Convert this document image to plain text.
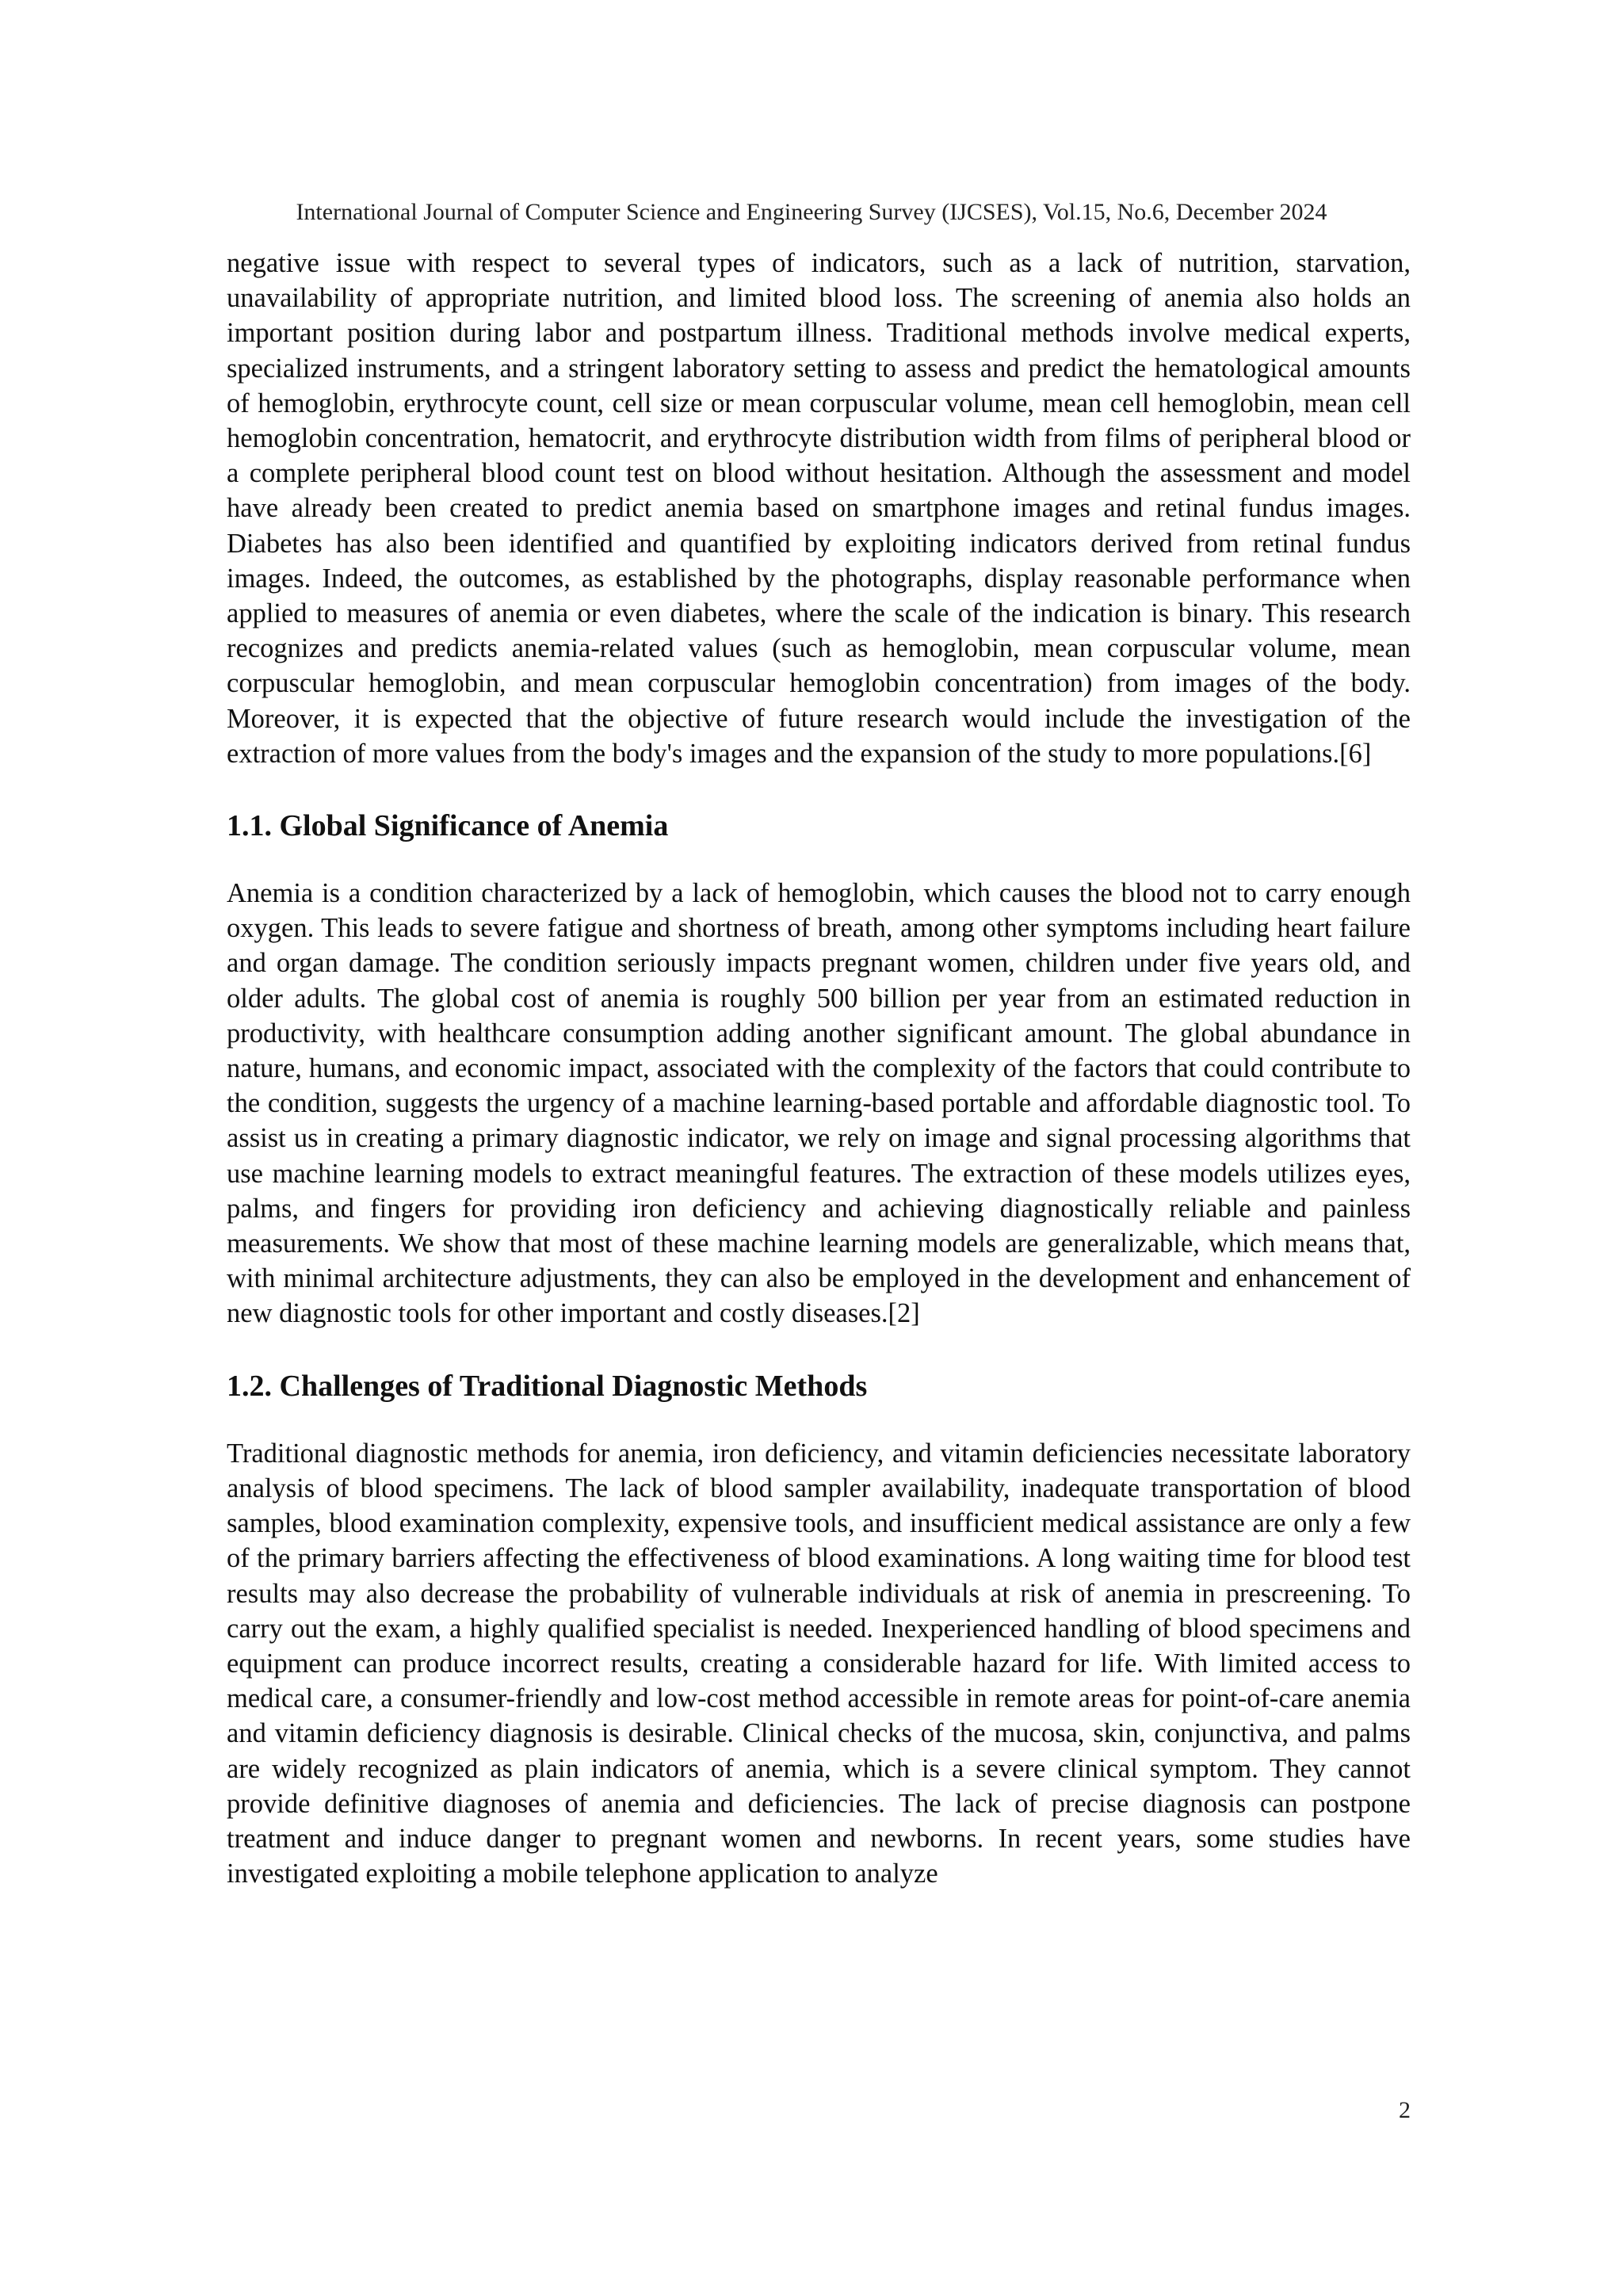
International Journal of Computer Science and Engineering Survey (IJCSES), Vol.15, No.6, December 2024

negative issue with respect to several types of indicators, such as a lack of nutrition, starvation, unavailability of appropriate nutrition, and limited blood loss. The screening of anemia also holds an important position during labor and postpartum illness. Traditional methods involve medical experts, specialized instruments, and a stringent laboratory setting to assess and predict the hematological amounts of hemoglobin, erythrocyte count, cell size or mean corpuscular volume, mean cell hemoglobin, mean cell hemoglobin concentration, hematocrit, and erythrocyte distribution width from films of peripheral blood or a complete peripheral blood count test on blood without hesitation. Although the assessment and model have already been created to predict anemia based on smartphone images and retinal fundus images. Diabetes has also been identified and quantified by exploiting indicators derived from retinal fundus images. Indeed, the outcomes, as established by the photographs, display reasonable performance when applied to measures of anemia or even diabetes, where the scale of the indication is binary. This research recognizes and predicts anemia-related values (such as hemoglobin, mean corpuscular volume, mean corpuscular hemoglobin, and mean corpuscular hemoglobin concentration) from images of the body. Moreover, it is expected that the objective of future research would include the investigation of the extraction of more values from the body's images and the expansion of the study to more populations.[6]

1.1. Global Significance of Anemia

Anemia is a condition characterized by a lack of hemoglobin, which causes the blood not to carry enough oxygen. This leads to severe fatigue and shortness of breath, among other symptoms including heart failure and organ damage. The condition seriously impacts pregnant women, children under five years old, and older adults. The global cost of anemia is roughly 500 billion per year from an estimated reduction in productivity, with healthcare consumption adding another significant amount. The global abundance in nature, humans, and economic impact, associated with the complexity of the factors that could contribute to the condition, suggests the urgency of a machine learning-based portable and affordable diagnostic tool. To assist us in creating a primary diagnostic indicator, we rely on image and signal processing algorithms that use machine learning models to extract meaningful features. The extraction of these models utilizes eyes, palms, and fingers for providing iron deficiency and achieving diagnostically reliable and painless measurements. We show that most of these machine learning models are generalizable, which means that, with minimal architecture adjustments, they can also be employed in the development and enhancement of new diagnostic tools for other important and costly diseases.[2]

1.2. Challenges of Traditional Diagnostic Methods

Traditional diagnostic methods for anemia, iron deficiency, and vitamin deficiencies necessitate laboratory analysis of blood specimens. The lack of blood sampler availability, inadequate transportation of blood samples, blood examination complexity, expensive tools, and insufficient medical assistance are only a few of the primary barriers affecting the effectiveness of blood examinations. A long waiting time for blood test results may also decrease the probability of vulnerable individuals at risk of anemia in prescreening. To carry out the exam, a highly qualified specialist is needed. Inexperienced handling of blood specimens and equipment can produce incorrect results, creating a considerable hazard for life. With limited access to medical care, a consumer-friendly and low-cost method accessible in remote areas for point-of-care anemia and vitamin deficiency diagnosis is desirable. Clinical checks of the mucosa, skin, conjunctiva, and palms are widely recognized as plain indicators of anemia, which is a severe clinical symptom. They cannot provide definitive diagnoses of anemia and deficiencies. The lack of precise diagnosis can postpone treatment and induce danger to pregnant women and newborns. In recent years, some studies have investigated exploiting a mobile telephone application to analyze

2
